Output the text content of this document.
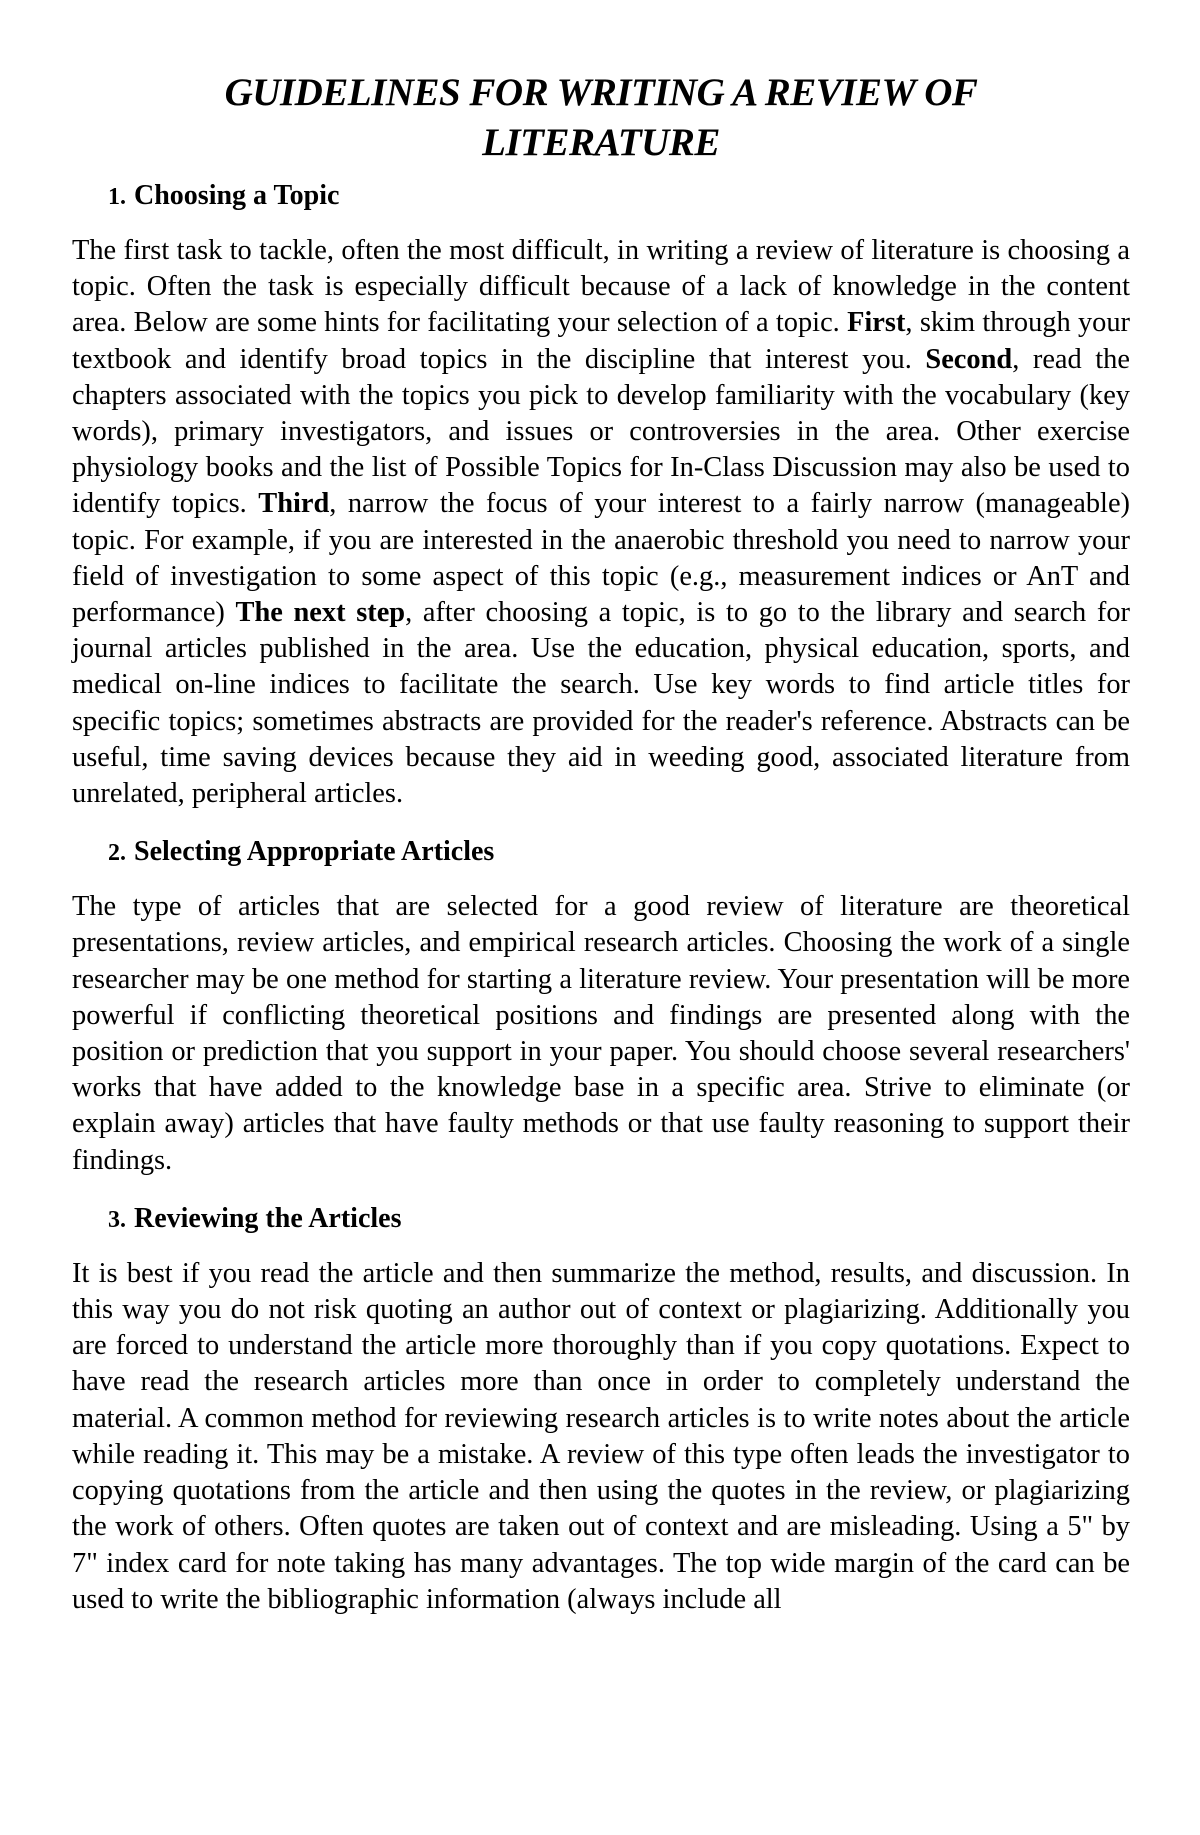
GUIDELINES FOR WRITING A REVIEW OF
LITERATURE
1. Choosing a Topic

The first task to tackle, often the most difficult, in writing a review of literature is choosing a topic. Often the task is especially difficult because of a lack of knowledge in the content area. Below are some hints for facilitating your selection of a topic. First, skim through your textbook and identify broad topics in the discipline that interest you. Second, read the chapters associated with the topics you pick to develop familiarity with the vocabulary (key words), primary investigators, and issues or controversies in the area. Other exercise physiology books and the list of Possible Topics for In-Class Discussion may also be used to identify topics. Third, narrow the focus of your interest to a fairly narrow (manageable) topic. For example, if you are interested in the anaerobic threshold you need to narrow your field of investigation to some aspect of this topic (e.g., measurement indices or AnT and performance) The next step, after choosing a topic, is to go to the library and search for journal articles published in the area. Use the education, physical education, sports, and medical on-line indices to facilitate the search. Use key words to find article titles for specific topics; sometimes abstracts are provided for the reader's reference. Abstracts can be useful, time saving devices because they aid in weeding good, associated literature from unrelated, peripheral articles.

2. Selecting Appropriate Articles

The type of articles that are selected for a good review of literature are theoretical presentations, review articles, and empirical research articles. Choosing the work of a single researcher may be one method for starting a literature review. Your presentation will be more powerful if conflicting theoretical positions and findings are presented along with the position or prediction that you support in your paper. You should choose several researchers' works that have added to the knowledge base in a specific area. Strive to eliminate (or explain away) articles that have faulty methods or that use faulty reasoning to support their findings.

3. Reviewing the Articles

It is best if you read the article and then summarize the method, results, and discussion. In this way you do not risk quoting an author out of context or plagiarizing. Additionally you are forced to understand the article more thoroughly than if you copy quotations. Expect to have read the research articles more than once in order to completely understand the material. A common method for reviewing research articles is to write notes about the article while reading it. This may be a mistake. A review of this type often leads the investigator to copying quotations from the article and then using the quotes in the review, or plagiarizing the work of others. Often quotes are taken out of context and are misleading. Using a 5" by 7" index card for note taking has many advantages. The top wide margin of the card can be used to write the bibliographic information (always include all
